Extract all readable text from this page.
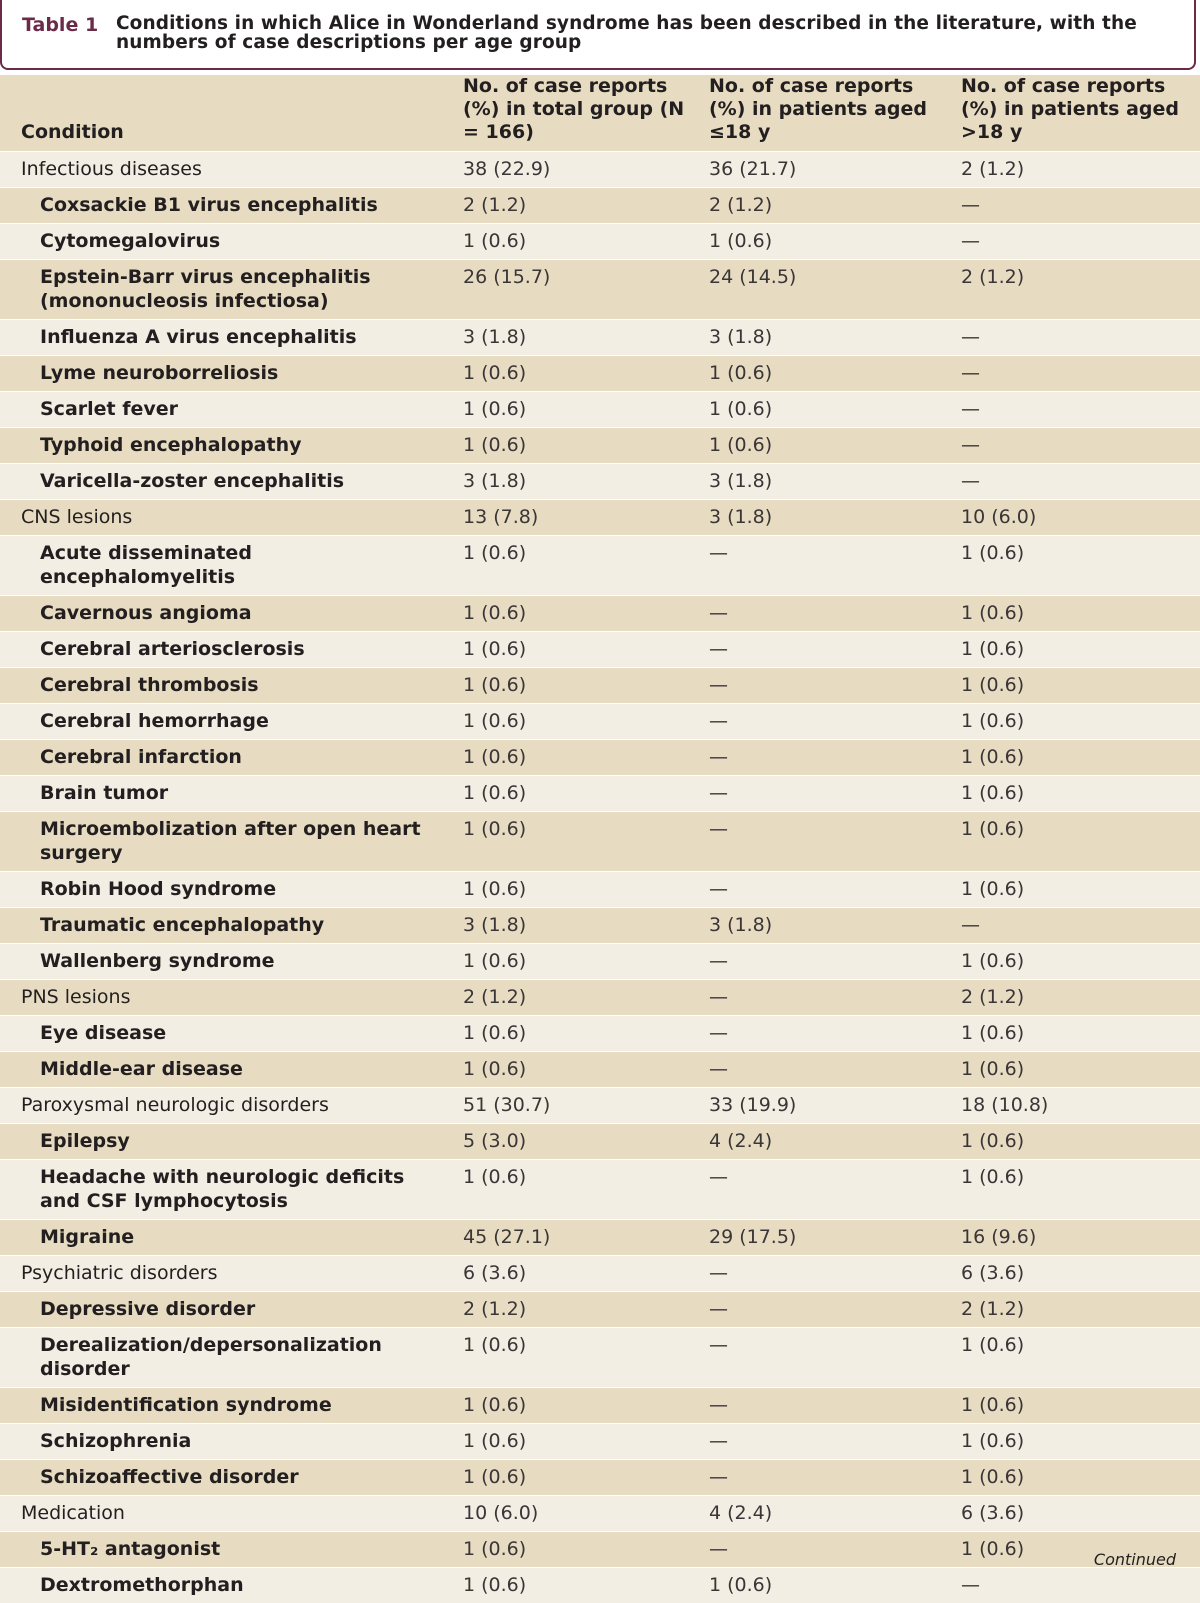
Table 1 Conditions in which Alice in Wonderland syndrome has been described in the literature, with the numbers of case descriptions per age group
Condition	No. of case reports (%) in total group (N = 166)	No. of case reports (%) in patients aged ≤18 y	No. of case reports (%) in patients aged >18 y

Infectious diseases	38 (22.9)	36 (21.7)	2 (1.2)

Coxsackie B1 virus encephalitis	2 (1.2)	2 (1.2)	—

Cytomegalovirus	1 (0.6)	1 (0.6)	—

Epstein-Barr virus encephalitis (mononucleosis infectiosa)	26 (15.7)	24 (14.5)	2 (1.2)

Influenza A virus encephalitis	3 (1.8)	3 (1.8)	—

Lyme neuroborreliosis	1 (0.6)	1 (0.6)	—

Scarlet fever	1 (0.6)	1 (0.6)	—

Typhoid encephalopathy	1 (0.6)	1 (0.6)	—

Varicella-zoster encephalitis	3 (1.8)	3 (1.8)	—

CNS lesions	13 (7.8)	3 (1.8)	10 (6.0)

Acute disseminated encephalomyelitis	1 (0.6)	—	1 (0.6)

Cavernous angioma	1 (0.6)	—	1 (0.6)

Cerebral arteriosclerosis	1 (0.6)	—	1 (0.6)

Cerebral thrombosis	1 (0.6)	—	1 (0.6)

Cerebral hemorrhage	1 (0.6)	—	1 (0.6)

Cerebral infarction	1 (0.6)	—	1 (0.6)

Brain tumor	1 (0.6)	—	1 (0.6)

Microembolization after open heart surgery	1 (0.6)	—	1 (0.6)

Robin Hood syndrome	1 (0.6)	—	1 (0.6)

Traumatic encephalopathy	3 (1.8)	3 (1.8)	—

Wallenberg syndrome	1 (0.6)	—	1 (0.6)

PNS lesions	2 (1.2)	—	2 (1.2)

Eye disease	1 (0.6)	—	1 (0.6)

Middle-ear disease	1 (0.6)	—	1 (0.6)

Paroxysmal neurologic disorders	51 (30.7)	33 (19.9)	18 (10.8)

Epilepsy	5 (3.0)	4 (2.4)	1 (0.6)

Headache with neurologic deficits and CSF lymphocytosis	1 (0.6)	—	1 (0.6)

Migraine	45 (27.1)	29 (17.5)	16 (9.6)

Psychiatric disorders	6 (3.6)	—	6 (3.6)

Depressive disorder	2 (1.2)	—	2 (1.2)

Derealization/depersonalization disorder	1 (0.6)	—	1 (0.6)

Misidentification syndrome	1 (0.6)	—	1 (0.6)

Schizophrenia	1 (0.6)	—	1 (0.6)

Schizoaffective disorder	1 (0.6)	—	1 (0.6)

Medication	10 (6.0)	4 (2.4)	6 (3.6)

5-HT₂ antagonist	1 (0.6)	—	1 (0.6)

Dextromethorphan	1 (0.6)	1 (0.6)	—
Continued
